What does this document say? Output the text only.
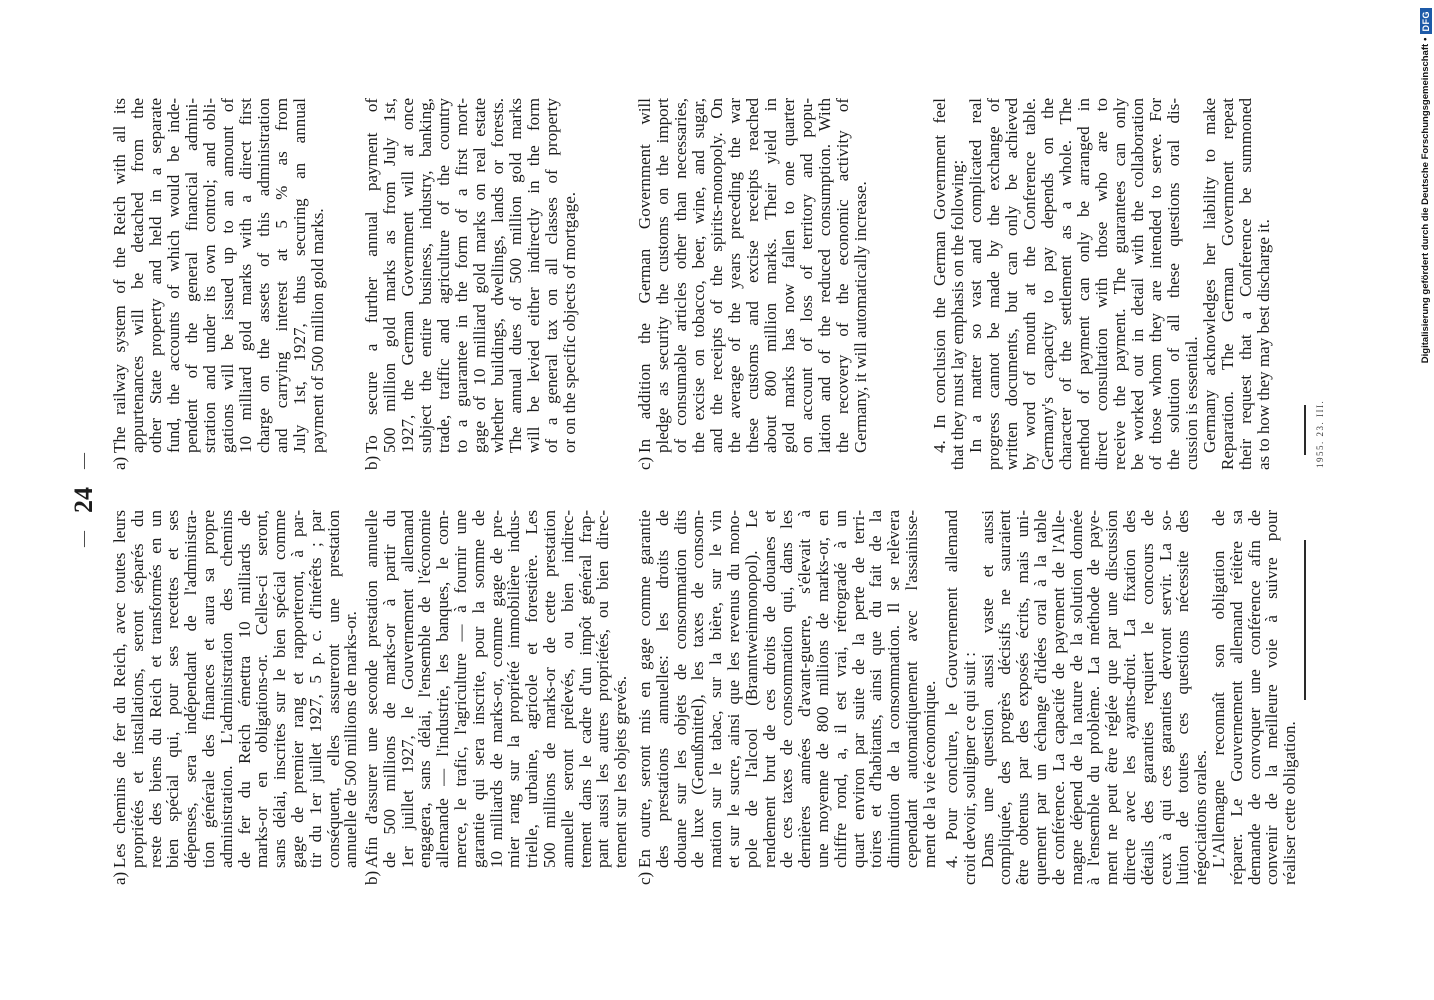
— 24 —
a)
Les chemins de fer du Reich, avec toutes leurs
propriétés et installations, seront séparés du
reste des biens du Reich et transformés en un
bien spécial qui, pour ses recettes et ses
dépenses, sera indépendant de l'administra-
tion générale des finances et aura sa propre
administration. L'administration des chemins
de fer du Reich émettra 10 milliards de
marks-or en obligations-or. Celles-ci seront,
sans délai, inscrites sur le bien spécial comme
gage de premier rang et rapporteront, à par-
tir du 1er juillet 1927, 5 p. c. d'intérêts ; par
conséquent, elles assureront une prestation
annuelle de 500 millions de marks-or.
b)
Afin d'assurer une seconde prestation annuelle
de 500 millions de marks-or à partir du
1er juillet 1927, le Gouvernement allemand
engagera, sans délai, l'ensemble de l'économie
allemande — l'industrie, les banques, le com-
merce, le trafic, l'agriculture — à fournir une
garantie qui sera inscrite, pour la somme de
10 milliards de marks-or, comme gage de pre-
mier rang sur la propriété immobilière indus-
trielle, urbaine, agricole et forestière. Les
500 millions de marks-or de cette prestation
annuelle seront prélevés, ou bien indirec-
tement dans le cadre d'un impôt général frap-
pant aussi les autres propriétés, ou bien direc-
tement sur les objets grevés.
c)
En outre, seront mis en gage comme garantie
des prestations annuelles: les droits de
douane sur les objets de consommation dits
de luxe (Genußmittel), les taxes de consom-
mation sur le tabac, sur la bière, sur le vin
et sur le sucre, ainsi que les revenus du mono-
pole de l'alcool (Branntweinmonopol). Le
rendement brut de ces droits de douanes et
de ces taxes de consommation qui, dans les
dernières années d'avant-guerre, s'élevait à
une moyenne de 800 millions de marks-or, en
chiffre rond, a, il est vrai, rétrogradé à un
quart environ par suite de la perte de terri-
toires et d'habitants, ainsi que du fait de la
diminution de la consommation. Il se relèvera
cependant automatiquement avec l'assainisse-
ment de la vie économique. 4. Pour conclure, le Gouvernement allemand
croit devoir, souligner ce qui suit :
Dans une question aussi vaste et aussi
compliquée, des progrès décisifs ne sauraient
être obtenus par des exposés écrits, mais uni-
quement par un échange d'idées oral à la table
de conférence. La capacité de payement de l'Alle-
magne dépend de la nature de la solution donnée
à l'ensemble du problème. La méthode de paye-
ment ne peut être réglée que par une discussion
directe avec les ayants-droit. La fixation des
détails des garanties requiert le concours de
ceux à qui ces garanties devront servir. La so-
lution de toutes ces questions nécessite des
négociations orales.
L'Allemagne reconnaît son obligation de
réparer. Le Gouvernement allemand réitère sa
demande de convoquer une conférence afin de
convenir de la meilleure voie à suivre pour
réaliser cette obligation.
a)
The railway system of the Reich with all its appurtenances will be detached from the other State property and held in a separate fund, the accounts of which would be inde- pendent of the general financial admini- stration and under its own control; and obli- gations will be issued up to an amount of 10 milliard gold marks with a direct first charge on the assets of this administration and carrying interest at 5 % as from July 1st, 1927, thus securing an annual payment of 500 million gold marks.
b)
To secure a further annual payment of 500 million gold marks as from July 1st, 1927, the German Government will at once subject the entire business, industry, banking, trade, traffic and agriculture of the country to a guarantee in the form of a first mort- gage of 10 milliard gold marks on real estate whether buildings, dwellings, lands or forests. The annual dues of 500 million gold marks will be levied either indirectly in the form of a general tax on all classes of property or on the specific objects of mortgage.
c)
In addition the German Government will pledge as security the customs on the import of consumable articles other than necessaries, the excise on tobacco, beer, wine, and sugar, and the receipts of the spirits-monopoly. On the average of the years preceding the war these customs and excise receipts reached about 800 million marks. Their yield in gold marks has now fallen to one quarter on account of loss of territory and popu- lation and of the reduced consumption. With the recovery of the economic activity of Germany, it will automatically increase.	4. In conclusion the German Government feel that they must lay emphasis on the following: In a matter so vast and complicated real progress cannot be made by the exchange of written documents, but can only be achieved by word of mouth at the Conference table. Germany's capacity to pay depends on the character of the settlement as a whole. The method of payment can only be arranged in direct consultation with those who are to receive the payment. The guarantees can only be worked out in detail with the collaboration of those whom they are intended to serve. For the solution of all these questions oral dis- cussion is essential. Germany acknowledges her liability to make Reparation. The German Government repeat their request that a Conference be summoned as to how they may best discharge it.	1955. 23. III.
Digitalisierung gefördert durch die Deutsche Forschungsgemeinschaft
•
DFG
